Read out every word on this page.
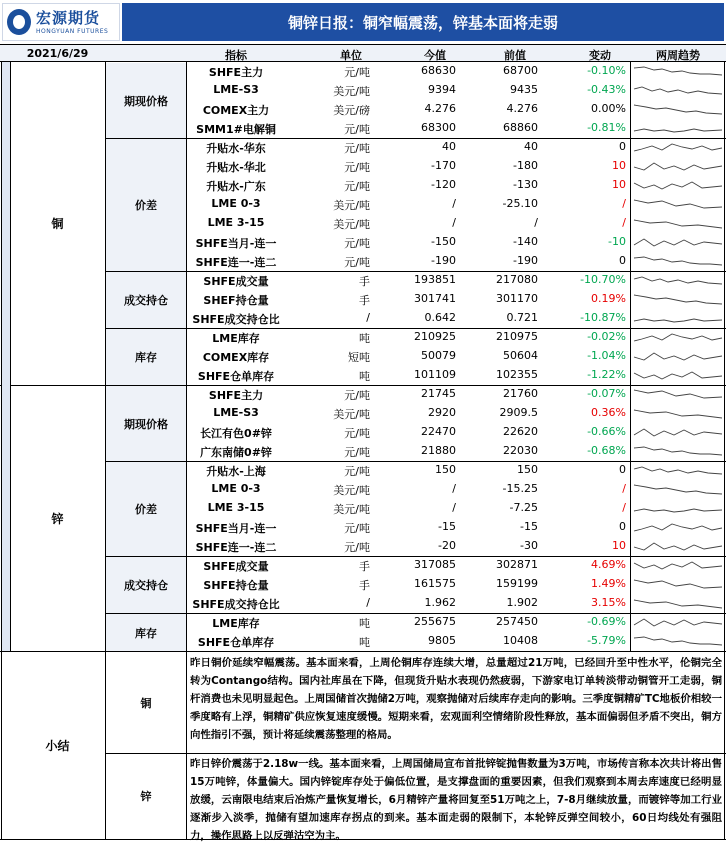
宏源期货
HONGYUAN FUTURES	铜锌日报：铜窄幅震荡，锌基本面将走弱
2021/6/29	指标	单位	今值	前值	变动	两周趋势
SHFE主力	元/吨	68630	68700	-0.10%
LME-S3	美元/吨	9394	9435	-0.43%
COMEX主力	美元/磅	4.276	4.276	0.00%
SMM1#电解铜	元/吨	68300	68860	-0.81%
期现价格
升贴水-华东	元/吨	40	40	0
升贴水-华北	元/吨	-170	-180	10
升贴水-广东	元/吨	-120	-130	10
LME 0-3	美元/吨	/	-25.10	/
LME 3-15	美元/吨	/	/	/
SHFE当月-连一	元/吨	-150	-140	-10
SHFE连一-连二	元/吨	-190	-190	0
价差
SHFE成交量	手	193851	217080	-10.70%
SHEF持仓量	手	301741	301170	0.19%
SHFE成交持仓比	/	0.642	0.721	-10.87%
成交持仓
LME库存	吨	210925	210975	-0.02%
COMEX库存	短吨	50079	50604	-1.04%
SHFE仓单库存	吨	101109	102355	-1.22%
库存
铜
SHFE主力	元/吨	21745	21760	-0.07%
LME-S3	美元/吨	2920	2909.5	0.36%
长江有色0#锌	元/吨	22470	22620	-0.66%
广东南储0#锌	元/吨	21880	22030	-0.68%
期现价格
升贴水-上海	元/吨	150	150	0
LME 0-3	美元/吨	/	-15.25	/
LME 3-15	美元/吨	/	-7.25	/
SHFE当月-连一	元/吨	-15	-15	0
SHFE连一-连二	元/吨	-20	-30	10
价差
SHFE成交量	手	317085	302871	4.69%
SHFE持仓量	手	161575	159199	1.49%
SHFE成交持仓比	/	1.962	1.902	3.15%
成交持仓
LME库存	吨	255675	257450	-0.69%
SHFE仓单库存	吨	9805	10408	-5.79%
库存
锌
小结
铜
昨日铜价延续窄幅震荡。基本面来看，上周伦铜库存连续大增，总量超过21万吨，已经回升至中性水平，伦铜完全转为Contango结构。国内社库虽在下降，但现货升贴水表现仍然疲弱，下游家电订单转淡带动铜管开工走弱，铜杆消费也未见明显起色。上周国储首次抛储2万吨，观察抛储对后续库存走向的影响。三季度铜精矿TC地板价相较一季度略有上浮，铜精矿供应恢复速度缓慢。短期来看，宏观面利空情绪阶段性释放，基本面偏弱但矛盾不突出，铜方向性指引不强，预计将延续震荡整理的格局。
锌
昨日锌价震荡于2.18w一线。基本面来看，上周国储局宣布首批锌锭抛售数量为3万吨，市场传言称本次共计将出售15万吨锌，体量偏大。国内锌锭库存处于偏低位置，是支撑盘面的重要因素，但我们观察到本周去库速度已经明显放缓，云南限电结束后冶炼产量恢复增长，6月精锌产量将回复至51万吨之上，7-8月继续放量，而镀锌等加工行业逐渐步入淡季，抛储有望加速库存拐点的到来。基本面走弱的限制下，本轮锌反弹空间较小，60日均线处有强阻力，操作思路上以反弹沽空为主。
